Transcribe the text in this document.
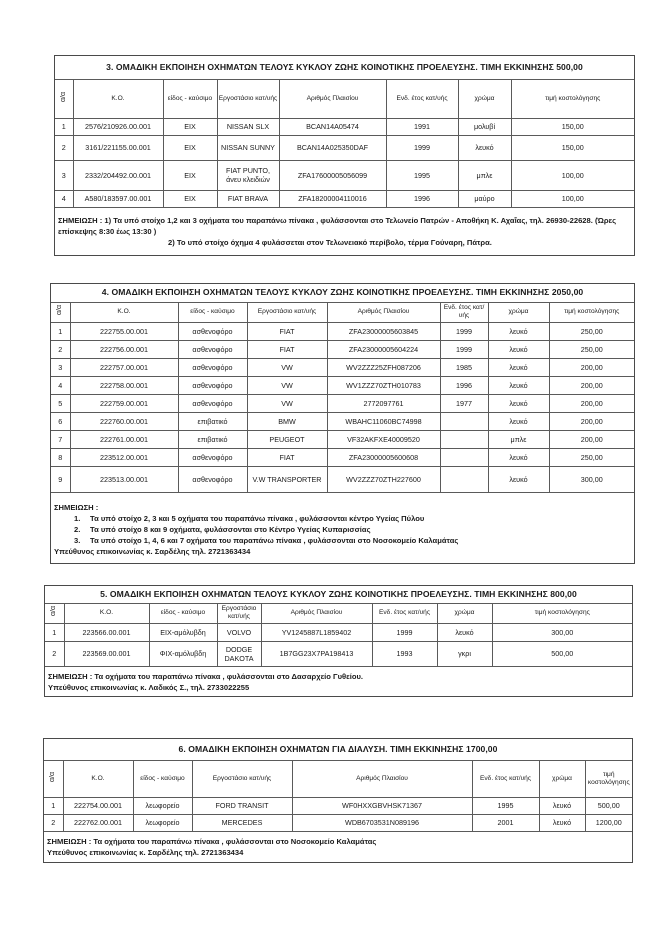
3. ΟΜΑΔΙΚΗ ΕΚΠΟΙΗΣΗ ΟΧΗΜΑΤΩΝ ΤΕΛΟΥΣ ΚΥΚΛΟΥ ΖΩΗΣ ΚΟΙΝΟΤΙΚΗΣ ΠΡΟΕΛΕΥΣΗΣ. ΤΙΜΗ ΕΚΚΙΝΗΣΗΣ 500,00							
α/α	Κ.Ο.	είδος - καύσιμο	Εργοστάσιο κατ/υής	Αριθμός Πλαισίου	Ενδ. έτος κατ/υής	χρώμα	τιμή κοστολόγησης
1	2576/210926.00.001	ΕΙΧ	NISSAN SLX	BCAN14A05474	1991	μολυβί	150,00
2	3161/221155.00.001	ΕΙΧ	NISSAN SUNNY	BCAN14A025350DAF	1999	λευκό	150,00
3	2332/204492.00.001	ΕΙΧ	FIAT PUNTO, άνευ κλειδιών	ZFA17600005056099	1995	μπλε	100,00
4	A580/183597.00.001	ΕΙΧ	FIAT BRAVA	ZFA18200004110016	1996	μαύρο	100,00
ΣΗΜΕΙΩΣΗ : 1) Τα υπό στοίχο 1,2 και 3 οχήματα του παραπάνω πίνακα , φυλάσσονται στο Τελωνείο Πατρών - Αποθήκη Κ. Αχαΐας, τηλ. 26930-22628. (Ώρες επίσκεψης 8:30 έως 13:30 )
2) Το υπό στοίχο όχημα 4 φυλάσσεται στον Τελωνειακό περίβολο, τέρμα Γούναρη, Πάτρα.							
4. ΟΜΑΔΙΚΗ ΕΚΠΟΙΗΣΗ ΟΧΗΜΑΤΩΝ ΤΕΛΟΥΣ ΚΥΚΛΟΥ ΖΩΗΣ ΚΟΙΝΟΤΙΚΗΣ ΠΡΟΕΛΕΥΣΗΣ. ΤΙΜΗ ΕΚΚΙΝΗΣΗΣ 2050,00							
α/α	Κ.Ο.	είδος - καύσιμο	Εργοστάσιο κατ/υής	Αριθμός Πλαισίου	Ενδ. έτος κατ/υής	χρώμα	τιμή κοστολόγησης
1	222755.00.001	ασθενοφόρο	FIAT	ZFA23000005603845	1999	λευκό	250,00
2	222756.00.001	ασθενοφόρο	FIAT	ZFA23000005604224	1999	λευκό	250,00
3	222757.00.001	ασθενοφόρο	VW	WV2ZZZ25ZFH087206	1985	λευκό	200,00
4	222758.00.001	ασθενοφόρο	VW	WV1ZZZ70ZTH010783	1996	λευκό	200,00
5	222759.00.001	ασθενοφόρο	VW	2772097761	1977	λευκό	200,00
6	222760.00.001	επιβατικό	BMW	WBAHC11060BC74998		λευκό	200,00
7	222761.00.001	επιβατικό	PEUGEOT	VF32AKFXE40009520		μπλε	200,00
8	223512.00.001	ασθενοφόρο	FIAT	ZFA23000005600608		λευκό	250,00
9	223513.00.001	ασθενοφόρο	V.W TRANSPORTER	WV2ZZZ70ZTH227600		λευκό	300,00

ΣΗΜΕΙΩΣΗ :
1. Τα υπό στοίχο 2, 3 και 5 οχήματα του παραπάνω πίνακα , φυλάσσονται κέντρο Υγείας Πύλου
2. Τα υπό στοίχο 8 και 9 οχήματα, φυλάσσονται στο Κέντρο Υγείας Κυπαρισσίας
3. Τα υπό στοίχο 1, 4, 6 και 7 οχήματα του παραπάνω πίνακα , φυλάσσονται στο Νοσοκομείο Καλαμάτας
Υπεύθυνος επικοινωνίας κ. Σαρδέλης τηλ. 2721363434							
5. ΟΜΑΔΙΚΗ ΕΚΠΟΙΗΣΗ ΟΧΗΜΑΤΩΝ ΤΕΛΟΥΣ ΚΥΚΛΟΥ ΖΩΗΣ ΚΟΙΝΟΤΙΚΗΣ ΠΡΟΕΛΕΥΣΗΣ. ΤΙΜΗ ΕΚΚΙΝΗΣΗΣ 800,00							
α/α	Κ.Ο.	είδος - καύσιμο	Εργοστάσιο κατ/υής	Αριθμός Πλαισίου	Ενδ. έτος κατ/υής	χρώμα	τιμή κοστολόγησης
1	223566.00.001	ΕΙΧ-αμόλυβδη	VOLVO	YV1245887L1859402	1999	λευκό	300,00
2	223569.00.001	ΦΙΧ-αμόλυβδη	DODGE DAKOTA	1B7GG23X7PA198413	1993	γκρι	500,00

ΣΗΜΕΙΩΣΗ : Τα οχήματα του παραπάνω πίνακα , φυλάσσονται στο Δασαρχείο Γυθείου.
Υπεύθυνος επικοινωνίας κ. Λαδικός Σ., τηλ. 2733022255							
6. ΟΜΑΔΙΚΗ ΕΚΠΟΙΗΣΗ ΟΧΗΜΑΤΩΝ ΓΙΑ ΔΙΑΛΥΣΗ. ΤΙΜΗ ΕΚΚΙΝΗΣΗΣ 1700,00							
α/α	Κ.Ο.	είδος - καύσιμο	Εργοστάσιο κατ/υής	Αριθμός Πλαισίου	Ενδ. έτος κατ/υής	χρώμα	τιμή κοστολόγησης
1	222754.00.001	λεωφορείο	FORD TRANSIT	WF0HXXGBVHSK71367	1995	λευκό	500,00
2	222762.00.001	λεωφορείο	MERCEDES	WDB6703531N089196	2001	λευκό	1200,00

ΣΗΜΕΙΩΣΗ : Τα οχήματα του παραπάνω πίνακα , φυλάσσονται στο Νοσοκομείο Καλαμάτας
Υπεύθυνος επικοινωνίας κ. Σαρδέλης τηλ. 2721363434							
